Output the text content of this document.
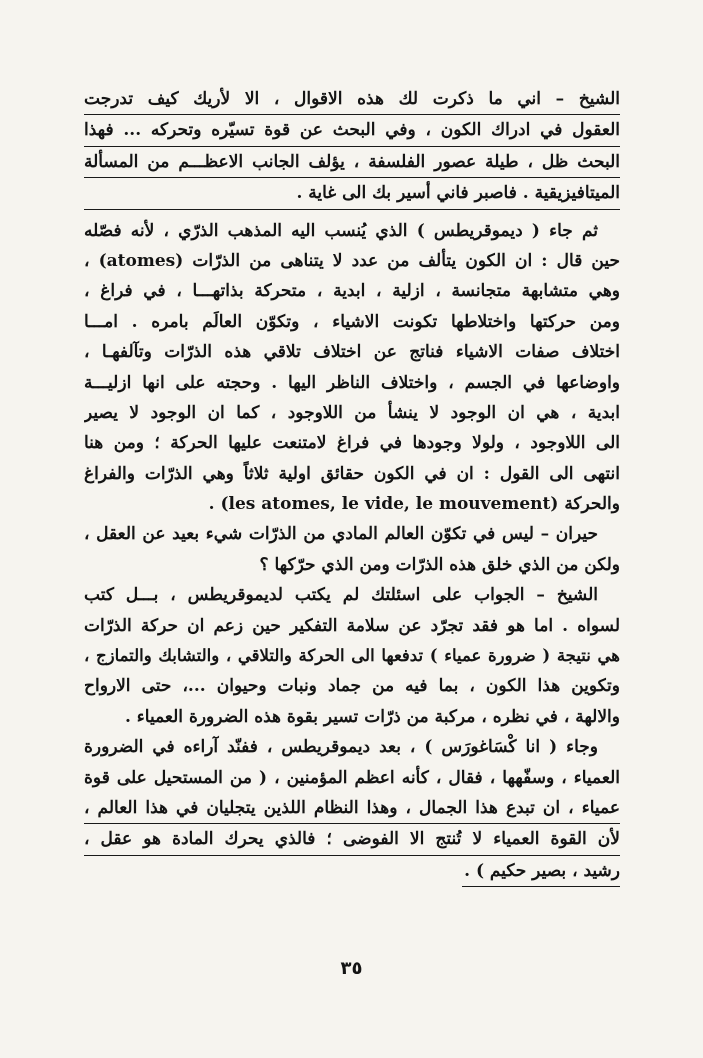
الشيخ – اني ما ذكرت لك هذه الاقوال ، الا لأريك كيف تدرجت
العقول في ادراك الكون ، وفي البحث عن قوة تسيّره وتحركه ... فهذا
البحث ظل ، طيلة عصور الفلسفة ، يؤلف الجانب الاعظـــم من المسألة
الميتافيزيقية . فاصبر فاني أسير بك الى غاية .
ثم جاء ( ديموقريطس ) الذي يُنسب اليه المذهب الذرّي ، لأنه فصّله
حين قال : ان الكون يتألف من عدد لا يتناهى من الذرّات (atomes) ،
وهي متشابهة متجانسة ، ازلية ، ابدية ، متحركة بذاتهـــا ، في فراغ ،
ومن حركتها واختلاطها تكونت الاشياء ، وتكوّن العالَم بامره . امـــا
اختلاف صفات الاشياء فناتج عن اختلاف تلاقي هذه الذرّات وتآلفهـا ،
واوضاعها في الجسم ، واختلاف الناظر اليها . وحجته على انها ازليـــة
ابدية ، هي ان الوجود لا ينشأ من اللاوجود ، كما ان الوجود لا يصير
الى اللاوجود ، ولولا وجودها في فراغ لامتنعت عليها الحركة ؛ ومن هنا
انتهى الى القول : ان في الكون حقائق اولية ثلاثاً وهي الذرّات والفراغ
والحركة (les atomes, le vide, le mouvement) .
حيران – ليس في تكوّن العالم المادي من الذرّات شيء بعيد عن العقل ،
ولكن من الذي خلق هذه الذرّات ومن الذي حرّكها ؟
الشيخ – الجواب على اسئلتك لم يكتب لديموقريطس ، بـــل كتب
لسواه . اما هو فقد تجرّد عن سلامة التفكير حين زعم ان حركة الذرّات
هي نتيجة ( ضرورة عمياء ) تدفعها الى الحركة والتلاقي ، والتشابك والتمازج ،
وتكوين هذا الكون ، بما فيه من جماد ونبات وحيوان ...، حتى الارواح
والالهة ، في نظره ، مركبة من ذرّات تسير بقوة هذه الضرورة العمياء .
وجاء ( انا كْسَاغورَس ) ، بعد ديموقريطس ، ففنّد آراءه في الضرورة
العمياء ، وسفّهها ، فقال ، كأنه اعظم المؤمنين ، ( من المستحيل على قوة
عمياء ، ان تبدع هذا الجمال ، وهذا النظام اللذين يتجليان في هذا العالم ،
لأن القوة العمياء لا تُنتج الا الفوضى ؛ فالذي يحرك المادة هو عقل ،
رشيد ، بصير حكيم ) .
٣٥
